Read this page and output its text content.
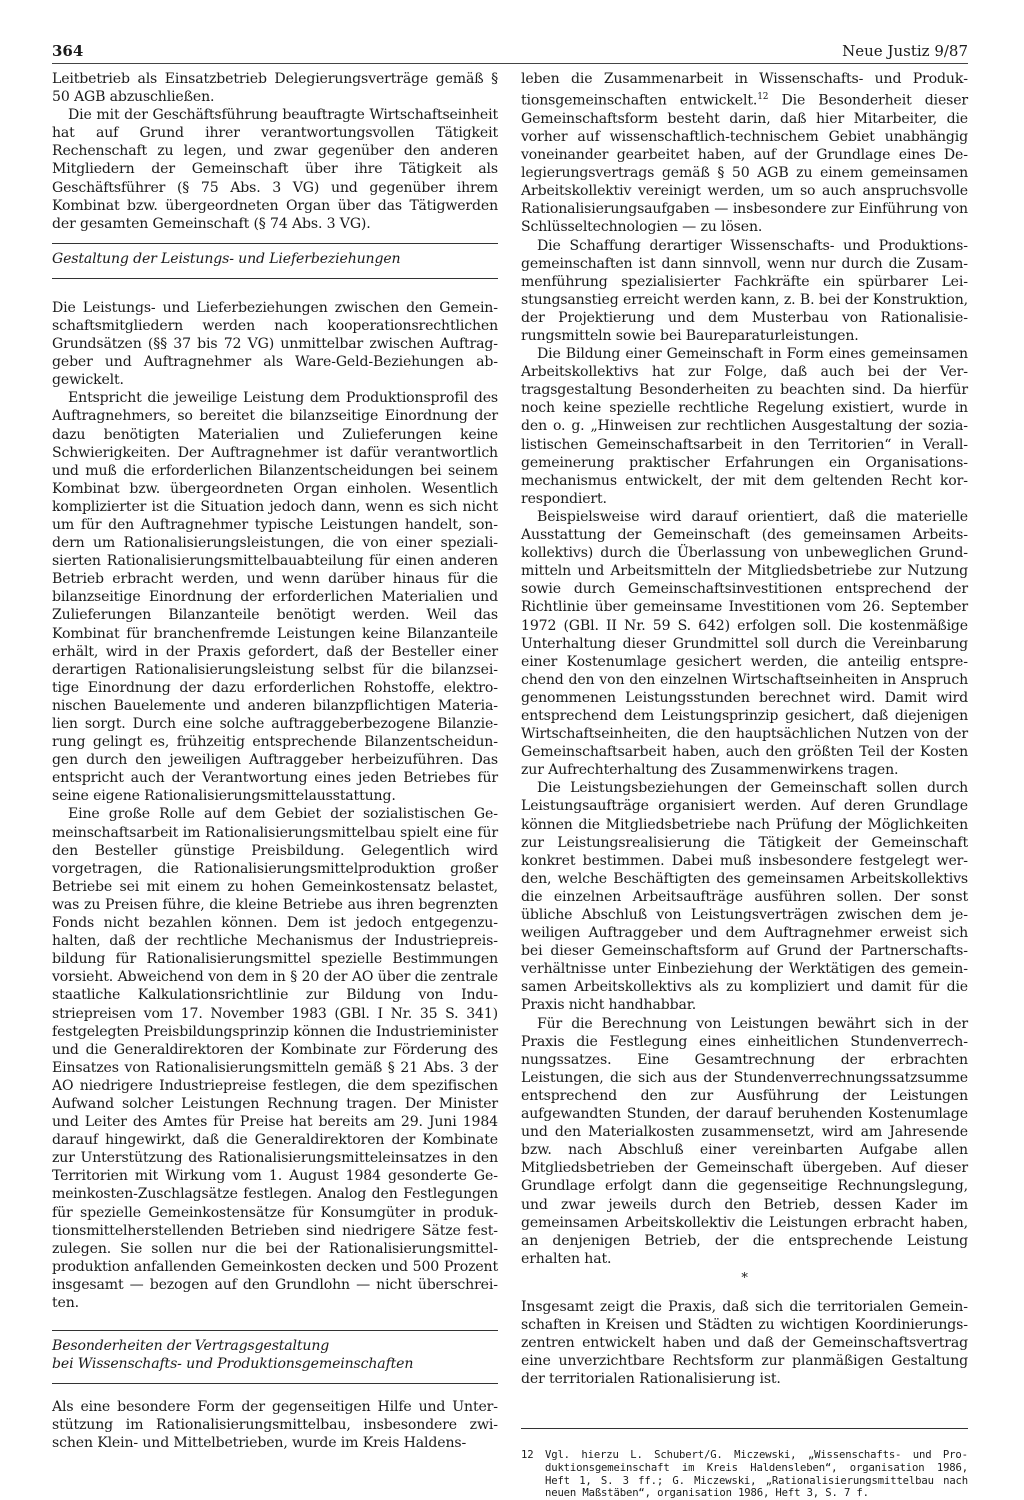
364	Neue Justiz 9/87

Leitbetrieb als Einsatzbetrieb Delegierungsverträge gemäß § 50 AGB abzuschließen.

Die mit der Geschäftsführung beauftragte Wirtschaftseinheit hat auf Grund ihrer verantwortungsvollen Tätigkeit Rechenschaft zu legen, und zwar gegenüber den anderen Mitgliedern der Gemeinschaft über ihre Tätigkeit als Geschäftsführer (§ 75 Abs. 3 VG) und gegenüber ihrem Kombinat bzw. übergeordneten Organ über das Tätigwerden der gesamten Gemeinschaft (§ 74 Abs. 3 VG).

Gestaltung der Leistungs- und Lieferbeziehungen

Die Leistungs- und Lieferbeziehungen zwischen den Gemeinschaftsmitgliedern werden nach kooperationsrechtlichen Grundsätzen (§§ 37 bis 72 VG) unmittelbar zwischen Auftraggeber und Auftragnehmer als Ware-Geld-Beziehungen abgewickelt.

Entspricht die jeweilige Leistung dem Produktionsprofil des Auftragnehmers, so bereitet die bilanzseitige Einordnung der dazu benötigten Materialien und Zulieferungen keine Schwierigkeiten. Der Auftragnehmer ist dafür verantwortlich und muß die erforderlichen Bilanzentscheidungen bei seinem Kombinat bzw. übergeordneten Organ einholen. Wesentlich komplizierter ist die Situation jedoch dann, wenn es sich nicht um für den Auftragnehmer typische Leistungen handelt, sondern um Rationalisierungsleistungen, die von einer spezialisierten Rationalisierungsmittelbauabteilung für einen anderen Betrieb erbracht werden, und wenn darüber hinaus für die bilanzseitige Einordnung der erforderlichen Materialien und Zulieferungen Bilanzanteile benötigt werden. Weil das Kombinat für branchenfremde Leistungen keine Bilanzanteile erhält, wird in der Praxis gefordert, daß der Besteller einer derartigen Rationalisierungsleistung selbst für die bilanzseitige Einordnung der dazu erforderlichen Rohstoffe, elektronischen Bauelemente und anderen bilanzpflichtigen Materialien sorgt. Durch eine solche auftraggeberbezogene Bilanzierung gelingt es, frühzeitig entsprechende Bilanzentscheidungen durch den jeweiligen Auftraggeber herbeizuführen. Das entspricht auch der Verantwortung eines jeden Betriebes für seine eigene Rationalisierungsmittelausstattung.

Eine große Rolle auf dem Gebiet der sozialistischen Gemeinschaftsarbeit im Rationalisierungsmittelbau spielt eine für den Besteller günstige Preisbildung. Gelegentlich wird vorgetragen, die Rationalisierungsmittelproduktion großer Betriebe sei mit einem zu hohen Gemeinkostensatz belastet, was zu Preisen führe, die kleine Betriebe aus ihren begrenzten Fonds nicht bezahlen können. Dem ist jedoch entgegenzuhalten, daß der rechtliche Mechanismus der Industriepreisbildung für Rationalisierungsmittel spezielle Bestimmungen vorsieht. Abweichend von dem in § 20 der AO über die zentrale staatliche Kalkulationsrichtlinie zur Bildung von Industriepreisen vom 17. November 1983 (GBl. I Nr. 35 S. 341) festgelegten Preisbildungsprinzip können die Industrieminister und die Generaldirektoren der Kombinate zur Förderung des Einsatzes von Rationalisierungsmitteln gemäß § 21 Abs. 3 der AO niedrigere Industriepreise festlegen, die dem spezifischen Aufwand solcher Leistungen Rechnung tragen. Der Minister und Leiter des Amtes für Preise hat bereits am 29. Juni 1984 darauf hingewirkt, daß die Generaldirektoren der Kombinate zur Unterstützung des Rationalisierungsmitteleinsatzes in den Territorien mit Wirkung vom 1. August 1984 gesonderte Gemeinkosten-Zuschlagsätze festlegen. Analog den Festlegungen für spezielle Gemeinkostensätze für Konsumgüter in produktionsmittelherstellenden Betrieben sind niedrigere Sätze festzulegen. Sie sollen nur die bei der Rationalisierungsmittelproduktion anfallenden Gemeinkosten decken und 500 Prozent insgesamt — bezogen auf den Grundlohn — nicht überschreiten.

Besonderheiten der Vertragsgestaltung
bei Wissenschafts- und Produktionsgemeinschaften

Als eine besondere Form der gegenseitigen Hilfe und Unterstützung im Rationalisierungsmittelbau, insbesondere zwischen Klein- und Mittelbetrieben, wurde im Kreis Haldens-

leben die Zusammenarbeit in Wissenschafts- und Produktionsgemeinschaften entwickelt.$^{12}$ Die Besonderheit dieser Gemeinschaftsform besteht darin, daß hier Mitarbeiter, die vorher auf wissenschaftlich-technischem Gebiet unabhängig voneinander gearbeitet haben, auf der Grundlage eines Delegierungsvertrags gemäß § 50 AGB zu einem gemeinsamen Arbeitskollektiv vereinigt werden, um so auch anspruchsvolle Rationalisierungsaufgaben — insbesondere zur Einführung von Schlüsseltechnologien — zu lösen.

Die Schaffung derartiger Wissenschafts- und Produktionsgemeinschaften ist dann sinnvoll, wenn nur durch die Zusammenführung spezialisierter Fachkräfte ein spürbarer Leistungsanstieg erreicht werden kann, z. B. bei der Konstruktion, der Projektierung und dem Musterbau von Rationalisierungsmitteln sowie bei Baureparaturleistungen.

Die Bildung einer Gemeinschaft in Form eines gemeinsamen Arbeitskollektivs hat zur Folge, daß auch bei der Vertragsgestaltung Besonderheiten zu beachten sind. Da hierfür noch keine spezielle rechtliche Regelung existiert, wurde in den o. g. „Hinweisen zur rechtlichen Ausgestaltung der sozialistischen Gemeinschaftsarbeit in den Territorien“ in Verallgemeinerung praktischer Erfahrungen ein Organisationsmechanismus entwickelt, der mit dem geltenden Recht korrespondiert.

Beispielsweise wird darauf orientiert, daß die materielle Ausstattung der Gemeinschaft (des gemeinsamen Arbeitskollektivs) durch die Überlassung von unbeweglichen Grundmitteln und Arbeitsmitteln der Mitgliedsbetriebe zur Nutzung sowie durch Gemeinschaftsinvestitionen entsprechend der Richtlinie über gemeinsame Investitionen vom 26. September 1972 (GBl. II Nr. 59 S. 642) erfolgen soll. Die kostenmäßige Unterhaltung dieser Grundmittel soll durch die Vereinbarung einer Kostenumlage gesichert werden, die anteilig entsprechend den von den einzelnen Wirtschaftseinheiten in Anspruch genommenen Leistungsstunden berechnet wird. Damit wird entsprechend dem Leistungsprinzip gesichert, daß diejenigen Wirtschaftseinheiten, die den hauptsächlichen Nutzen von der Gemeinschaftsarbeit haben, auch den größten Teil der Kosten zur Aufrechterhaltung des Zusammenwirkens tragen.

Die Leistungsbeziehungen der Gemeinschaft sollen durch Leistungsaufträge organisiert werden. Auf deren Grundlage können die Mitgliedsbetriebe nach Prüfung der Möglichkeiten zur Leistungsrealisierung die Tätigkeit der Gemeinschaft konkret bestimmen. Dabei muß insbesondere festgelegt werden, welche Beschäftigten des gemeinsamen Arbeitskollektivs die einzelnen Arbeitsaufträge ausführen sollen. Der sonst übliche Abschluß von Leistungsverträgen zwischen dem jeweiligen Auftraggeber und dem Auftragnehmer erweist sich bei dieser Gemeinschaftsform auf Grund der Partnerschaftsverhältnisse unter Einbeziehung der Werktätigen des gemeinsamen Arbeitskollektivs als zu kompliziert und damit für die Praxis nicht handhabbar.

Für die Berechnung von Leistungen bewährt sich in der Praxis die Festlegung eines einheitlichen Stundenverrechnungssatzes. Eine Gesamtrechnung der erbrachten Leistungen, die sich aus der Stundenverrechnungssatzsumme entsprechend den zur Ausführung der Leistungen aufgewandten Stunden, der darauf beruhenden Kostenumlage und den Materialkosten zusammensetzt, wird am Jahresende bzw. nach Abschluß einer vereinbarten Aufgabe allen Mitgliedsbetrieben der Gemeinschaft übergeben. Auf dieser Grundlage erfolgt dann die gegenseitige Rechnungslegung, und zwar jeweils durch den Betrieb, dessen Kader im gemeinsamen Arbeitskollektiv die Leistungen erbracht haben, an denjenigen Betrieb, der die entsprechende Leistung erhalten hat.

*

Insgesamt zeigt die Praxis, daß sich die territorialen Gemeinschaften in Kreisen und Städten zu wichtigen Koordinierungszentren entwickelt haben und daß der Gemeinschaftsvertrag eine unverzichtbare Rechtsform zur planmäßigen Gestaltung der territorialen Rationalisierung ist.

12	Vgl. hierzu L. Schubert/G. Miczewski, „Wissenschafts- und Produktionsgemeinschaft im Kreis Haldensleben“, organisation 1986, Heft 1, S. 3 ff.; G. Miczewski, „Rationalisierungsmittelbau nach neuen Maßstäben“, organisation 1986, Heft 3, S. 7 f.
